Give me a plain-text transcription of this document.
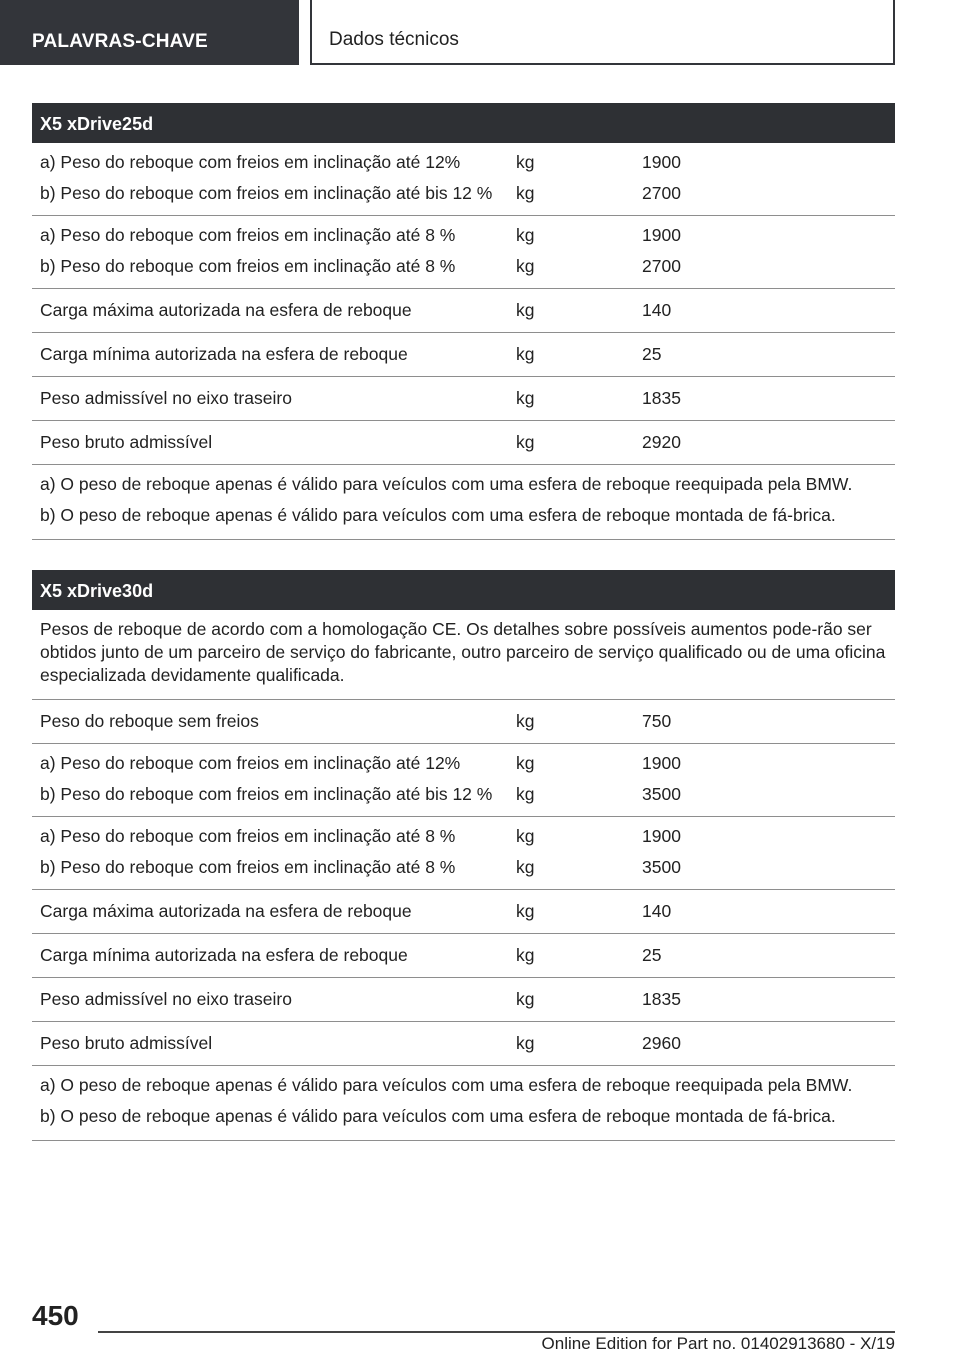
PALAVRAS-CHAVE	Dados técnicos
X5 xDrive25d
a) Peso do reboque com freios em inclinação até 12%	kg	1900
b) Peso do reboque com freios em inclinação até bis 12 %	kg	2700
a) Peso do reboque com freios em inclinação até 8 %	kg	1900
b) Peso do reboque com freios em inclinação até 8 %	kg	2700
Carga máxima autorizada na esfera de reboque	kg	140
Carga mínima autorizada na esfera de reboque	kg	25
Peso admissível no eixo traseiro	kg	1835
Peso bruto admissível	kg	2920

a) O peso de reboque apenas é válido para veículos com uma esfera de reboque reequipada pela BMW.

b) O peso de reboque apenas é válido para veículos com uma esfera de reboque montada de fá-brica.

X5 xDrive30d

Pesos de reboque de acordo com a homologação CE. Os detalhes sobre possíveis aumentos pode-rão ser obtidos junto de um parceiro de serviço do fabricante, outro parceiro de serviço qualificado ou de uma oficina especializada devidamente qualificada.

Peso do reboque sem freios	kg	750
a) Peso do reboque com freios em inclinação até 12%	kg	1900
b) Peso do reboque com freios em inclinação até bis 12 %	kg	3500
a) Peso do reboque com freios em inclinação até 8 %	kg	1900
b) Peso do reboque com freios em inclinação até 8 %	kg	3500
Carga máxima autorizada na esfera de reboque	kg	140
Carga mínima autorizada na esfera de reboque	kg	25
Peso admissível no eixo traseiro	kg	1835
Peso bruto admissível	kg	2960

a) O peso de reboque apenas é válido para veículos com uma esfera de reboque reequipada pela BMW.

b) O peso de reboque apenas é válido para veículos com uma esfera de reboque montada de fá-brica.

450
Online Edition for Part no. 01402913680 - X/19
